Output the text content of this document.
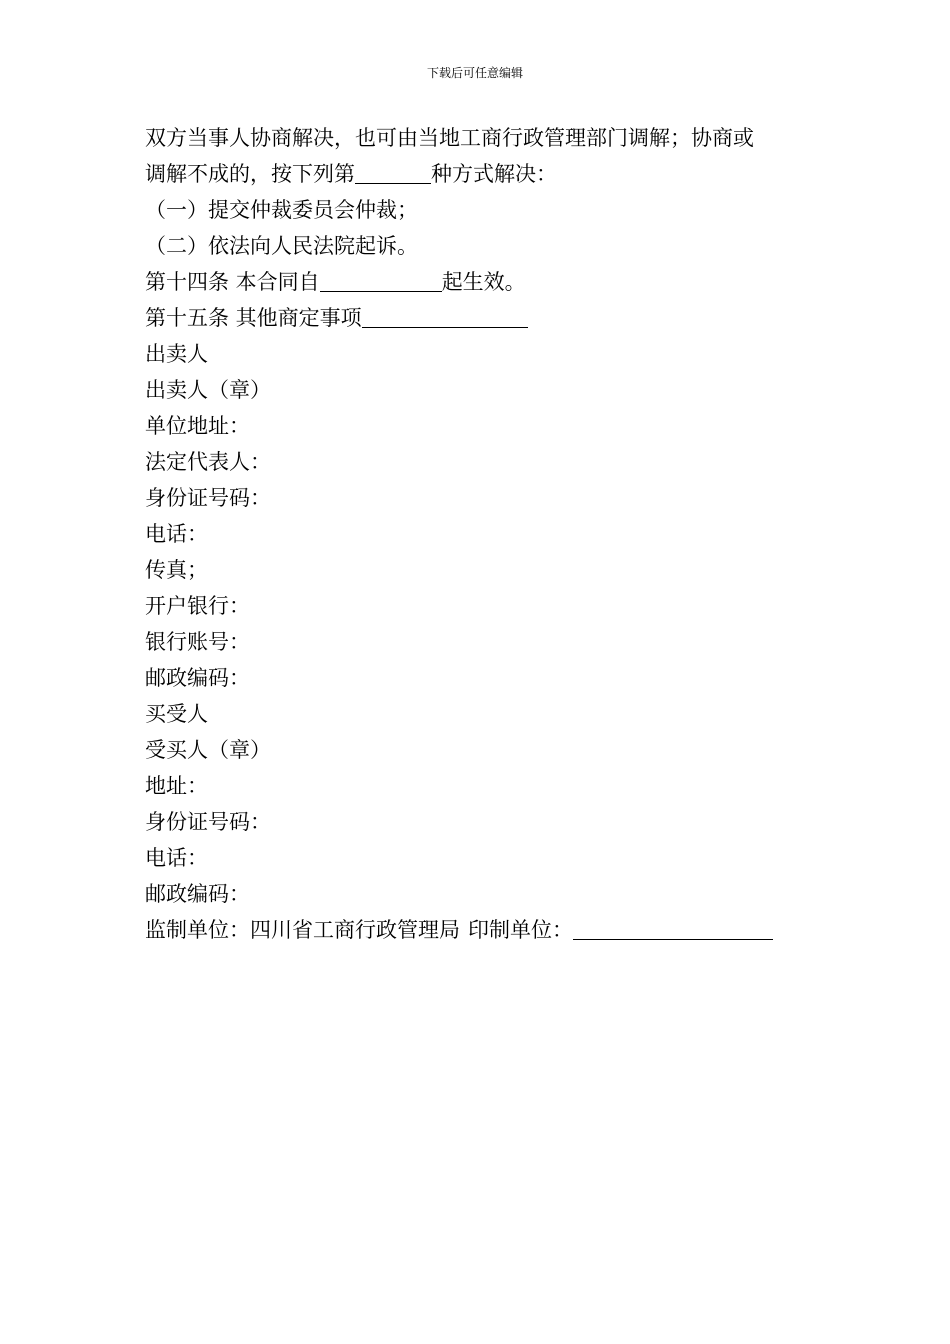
下载后可任意编辑
双方当事人协商解决，也可由当地工商行政管理部门调解；协商或
调解不成的，按下列第	种方式解决：
（一）提交仲裁委员会仲裁；
（二）依法向人民法院起诉。
第十四条 本合同自	起生效。
第十五条 其他商定事项
出卖人
出卖人（章）
单位地址：
法定代表人：
身份证号码：
电话：
传真；
开户银行：
银行账号：
邮政编码：
买受人
受买人（章）
地址：
身份证号码：
电话：
邮政编码：
监制单位：四川省工商行政管理局 印制单位：
